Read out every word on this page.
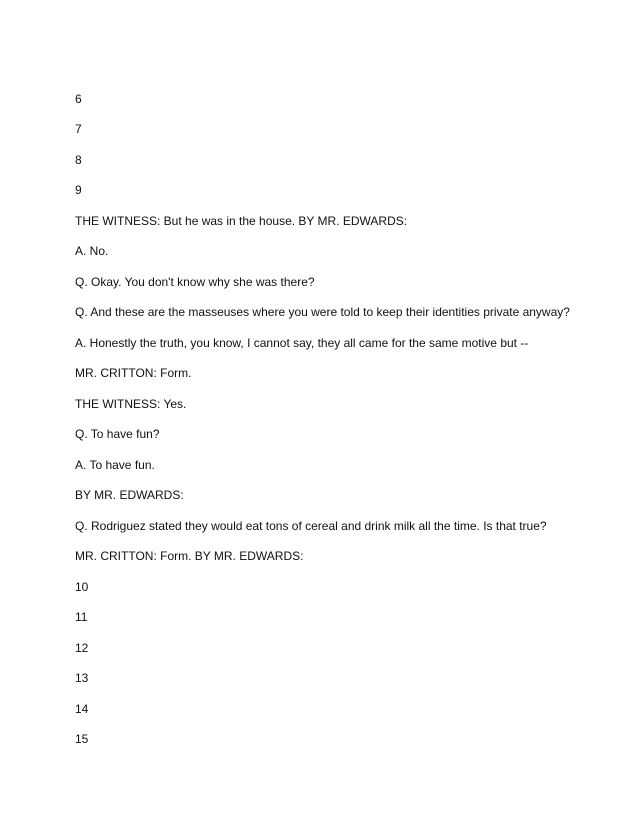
6
7
8
9
THE WITNESS: But he was in the house. BY MR. EDWARDS:
A. No.
Q. Okay. You don't know why she was there?
Q. And these are the masseuses where you were told to keep their identities private anyway?
A. Honestly the truth, you know, I cannot say, they all came for the same motive but --
MR. CRITTON: Form.
THE WITNESS: Yes.
Q. To have fun?
A. To have fun.
BY MR. EDWARDS:
Q. Rodriguez stated they would eat tons of cereal and drink milk all the time. Is that true?
MR. CRITTON: Form. BY MR. EDWARDS:
10
11
12
13
14
15
